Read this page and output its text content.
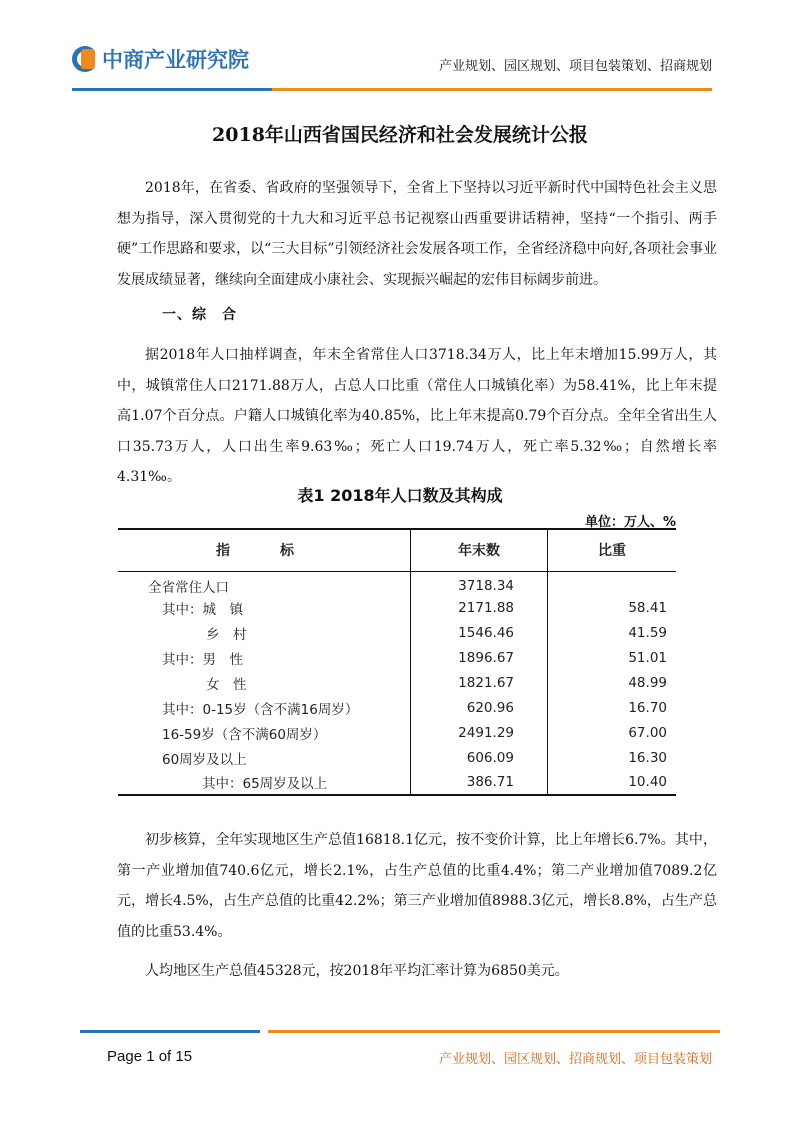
中商产业研究院	产业规划、园区规划、项目包装策划、招商规划
2018年山西省国民经济和社会发展统计公报

2018年，在省委、省政府的坚强领导下，全省上下坚持以习近平新时代中国特色社会主义思想为指导，深入贯彻党的十九大和习近平总书记视察山西重要讲话精神，坚持“一个指引、两手硬”工作思路和要求，以“三大目标”引领经济社会发展各项工作，全省经济稳中向好,各项社会事业发展成绩显著，继续向全面建成小康社会、实现振兴崛起的宏伟目标阔步前进。

一、综　合

据2018年人口抽样调查，年末全省常住人口3718.34万人，比上年末增加15.99万人，其中，城镇常住人口2171.88万人，占总人口比重（常住人口城镇化率）为58.41%，比上年末提高1.07个百分点。户籍人口城镇化率为40.85%，比上年末提高0.79个百分点。全年全省出生人口35.73万人，人口出生率9.63‰；死亡人口19.74万人，死亡率5.32‰；自然增长率4.31‰。

表1 2018年人口数及其构成
单位：万人、%
指　标	年末数	比重
全省常住人口	3718.34	
其中：城　镇	2171.88	58.41
乡　村	1546.46	41.59
其中：男　性	1896.67	51.01
女　性	1821.67	48.99
其中：0-15岁（含不满16周岁）	620.96	16.70
16-59岁（含不满60周岁）	2491.29	67.00
60周岁及以上	606.09	16.30
其中：65周岁及以上	386.71	10.40

初步核算，全年实现地区生产总值16818.1亿元，按不变价计算，比上年增长6.7%。其中，第一产业增加值740.6亿元，增长2.1%，占生产总值的比重4.4%；第二产业增加值7089.2亿元，增长4.5%，占生产总值的比重42.2%；第三产业增加值8988.3亿元，增长8.8%，占生产总值的比重53.4%。

人均地区生产总值45328元，按2018年平均汇率计算为6850美元。

Page 1 of 15	产业规划、园区规划、招商规划、项目包装策划
